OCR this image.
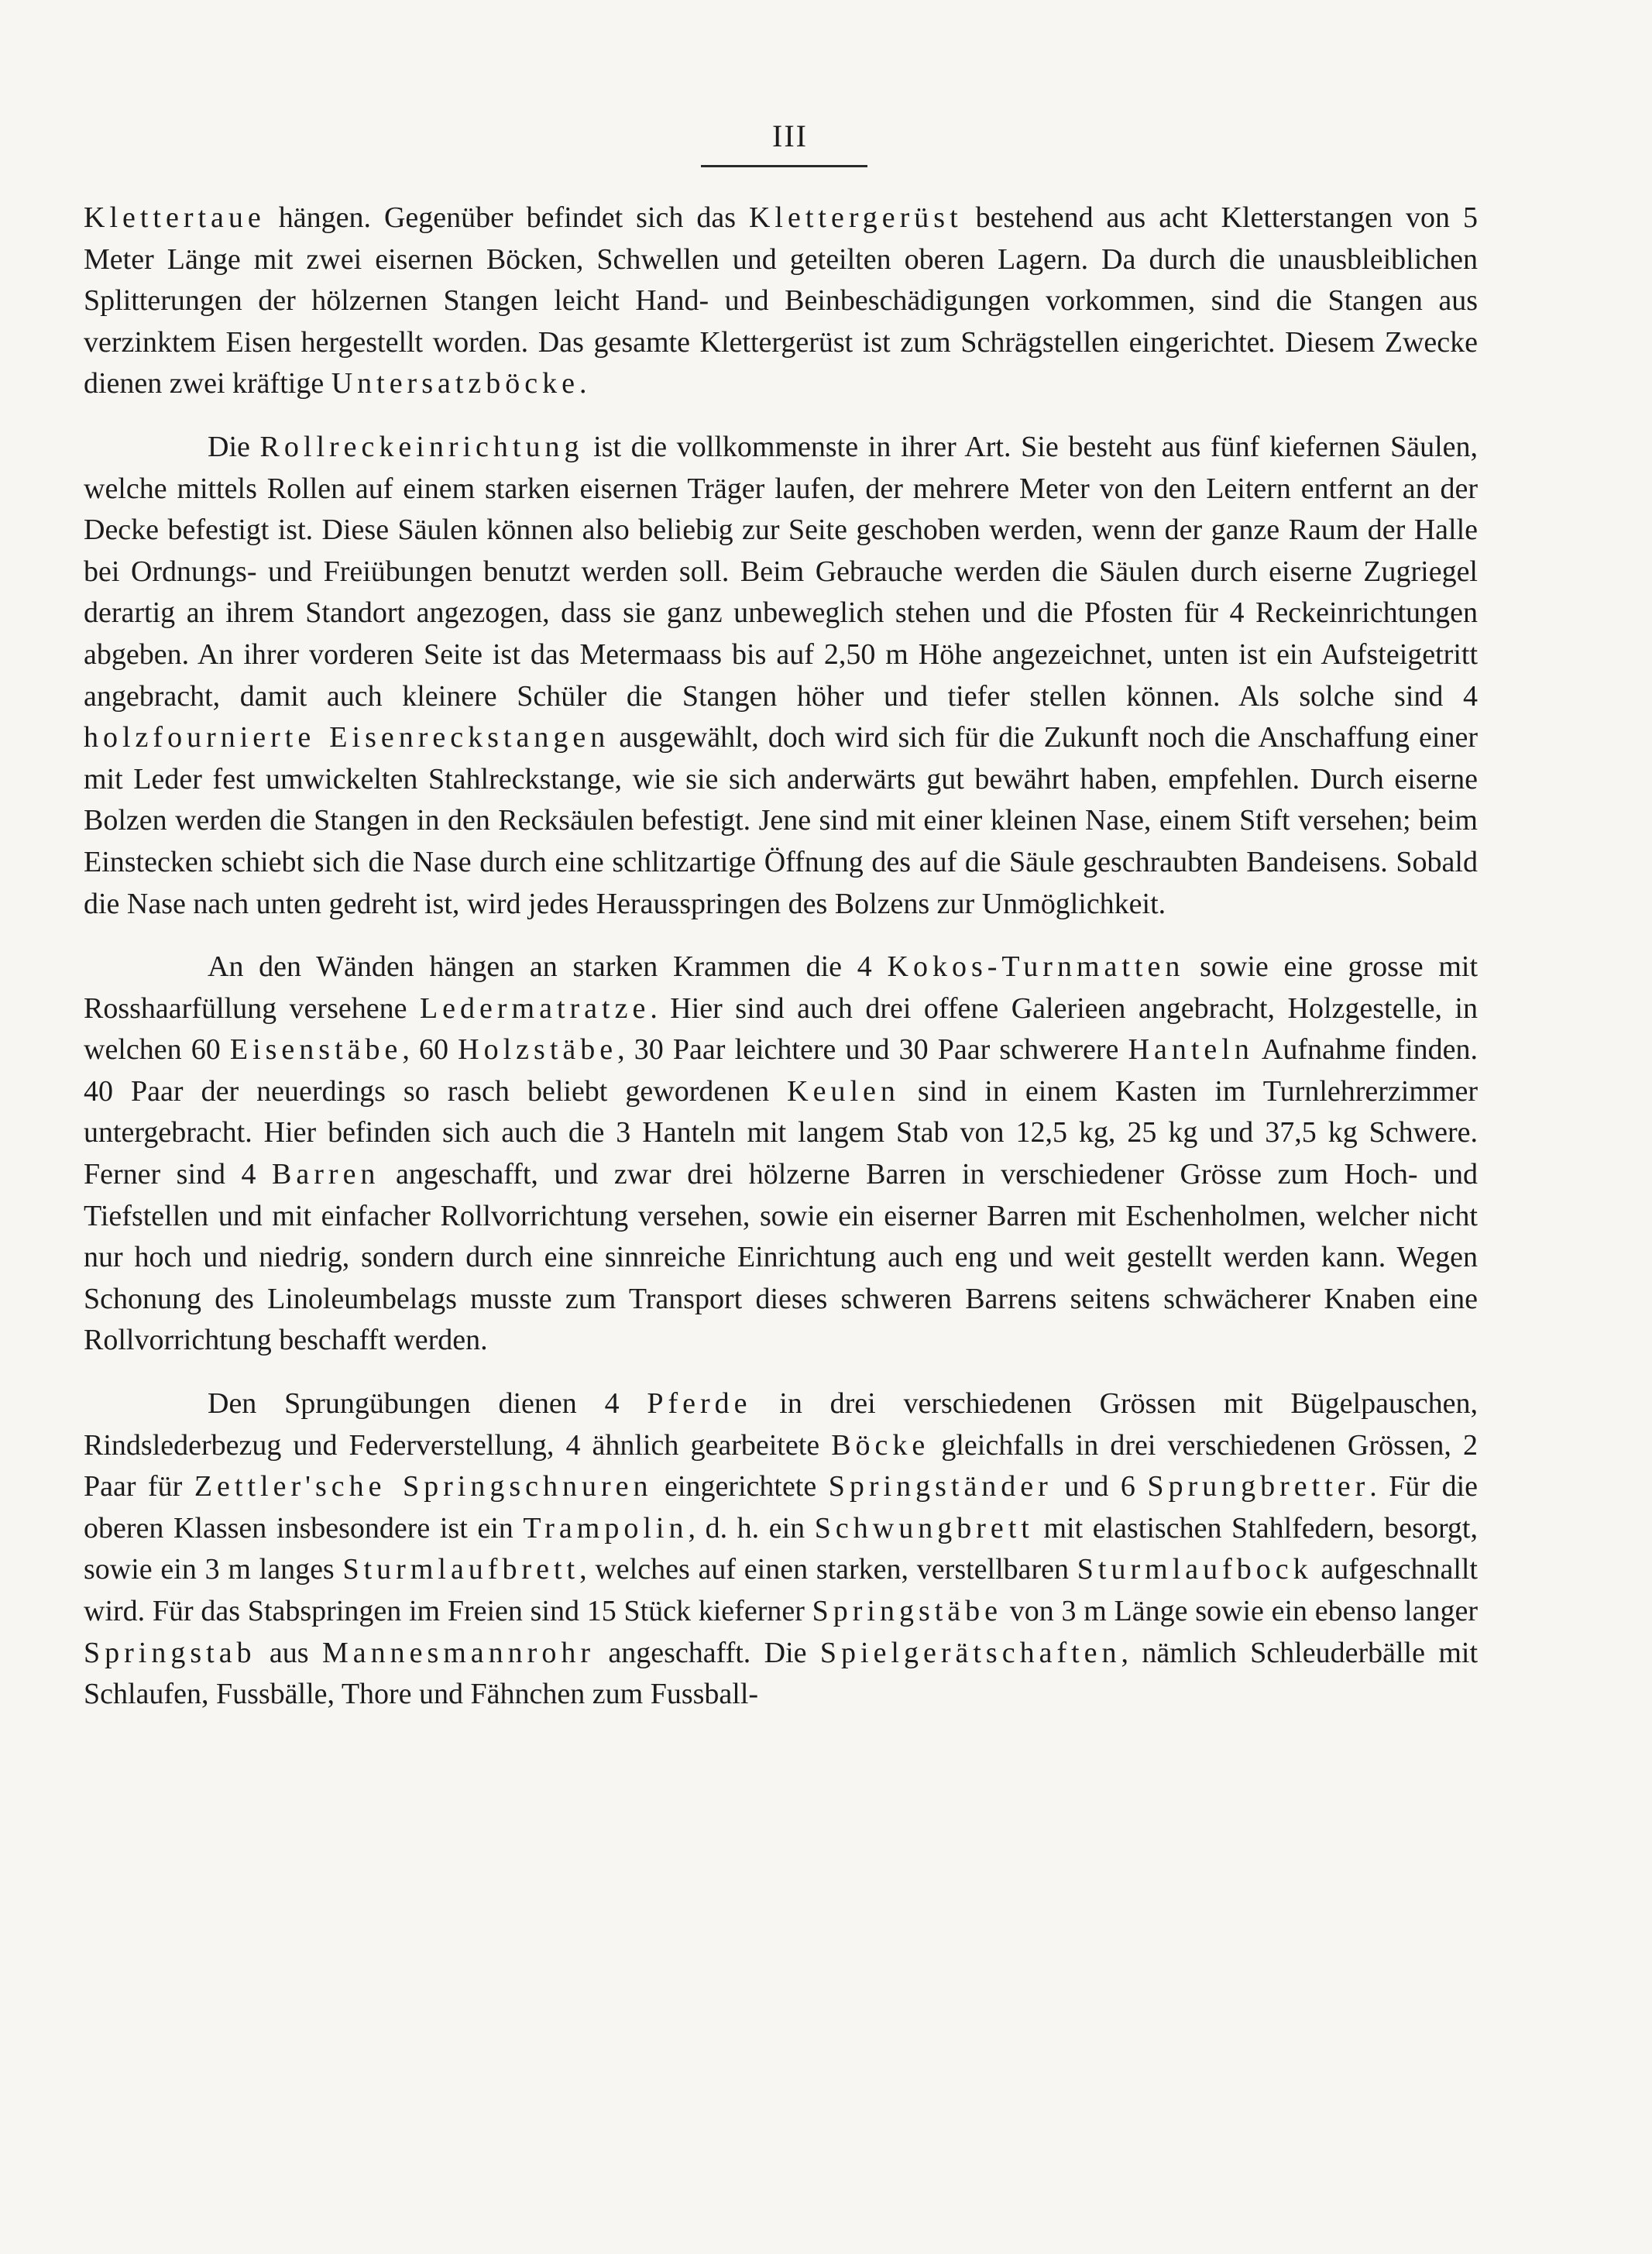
III

Klettertaue hängen. Gegenüber befindet sich das Klettergerüst bestehend aus acht Kletterstangen von 5 Meter Länge mit zwei eisernen Böcken, Schwellen und geteilten oberen Lagern. Da durch die unausbleiblichen Splitterungen der hölzernen Stangen leicht Hand- und Beinbeschädigungen vorkommen, sind die Stangen aus verzinktem Eisen hergestellt worden. Das gesamte Klettergerüst ist zum Schrägstellen eingerichtet. Diesem Zwecke dienen zwei kräftige Untersatzböcke.

Die Rollreckeinrichtung ist die vollkommenste in ihrer Art. Sie besteht aus fünf kiefernen Säulen, welche mittels Rollen auf einem starken eisernen Träger laufen, der mehrere Meter von den Leitern entfernt an der Decke befestigt ist. Diese Säulen können also beliebig zur Seite geschoben werden, wenn der ganze Raum der Halle bei Ordnungs- und Freiübungen benutzt werden soll. Beim Gebrauche werden die Säulen durch eiserne Zugriegel derartig an ihrem Standort angezogen, dass sie ganz unbeweglich stehen und die Pfosten für 4 Reckeinrichtungen abgeben. An ihrer vorderen Seite ist das Metermaass bis auf 2,50 m Höhe angezeichnet, unten ist ein Aufsteigetritt angebracht, damit auch kleinere Schüler die Stangen höher und tiefer stellen können. Als solche sind 4 holzfournierte Eisenreckstangen ausgewählt, doch wird sich für die Zukunft noch die Anschaffung einer mit Leder fest umwickelten Stahlreckstange, wie sie sich anderwärts gut bewährt haben, empfehlen. Durch eiserne Bolzen werden die Stangen in den Recksäulen befestigt. Jene sind mit einer kleinen Nase, einem Stift versehen; beim Einstecken schiebt sich die Nase durch eine schlitzartige Öffnung des auf die Säule geschraubten Bandeisens. Sobald die Nase nach unten gedreht ist, wird jedes Herausspringen des Bolzens zur Unmöglichkeit.

An den Wänden hängen an starken Krammen die 4 Kokos-Turnmatten sowie eine grosse mit Rosshaarfüllung versehene Ledermatratze. Hier sind auch drei offene Galerieen angebracht, Holzgestelle, in welchen 60 Eisenstäbe, 60 Holzstäbe, 30 Paar leichtere und 30 Paar schwerere Hanteln Aufnahme finden. 40 Paar der neuerdings so rasch beliebt gewordenen Keulen sind in einem Kasten im Turnlehrerzimmer untergebracht. Hier befinden sich auch die 3 Hanteln mit langem Stab von 12,5 kg, 25 kg und 37,5 kg Schwere. Ferner sind 4 Barren angeschafft, und zwar drei hölzerne Barren in verschiedener Grösse zum Hoch- und Tiefstellen und mit einfacher Rollvorrichtung versehen, sowie ein eiserner Barren mit Eschenholmen, welcher nicht nur hoch und niedrig, sondern durch eine sinnreiche Einrichtung auch eng und weit gestellt werden kann. Wegen Schonung des Linoleumbelags musste zum Transport dieses schweren Barrens seitens schwächerer Knaben eine Rollvorrichtung beschafft werden.

Den Sprungübungen dienen 4 Pferde in drei verschiedenen Grössen mit Bügelpauschen, Rindslederbezug und Federverstellung, 4 ähnlich gearbeitete Böcke gleichfalls in drei verschiedenen Grössen, 2 Paar für Zettler'sche Springschnuren eingerichtete Springständer und 6 Sprungbretter. Für die oberen Klassen insbesondere ist ein Trampolin, d. h. ein Schwungbrett mit elastischen Stahlfedern, besorgt, sowie ein 3 m langes Sturmlaufbrett, welches auf einen starken, verstellbaren Sturmlaufbock aufgeschnallt wird. Für das Stabspringen im Freien sind 15 Stück kieferner Springstäbe von 3 m Länge sowie ein ebenso langer Springstab aus Mannesmannrohr angeschafft. Die Spielgerätschaften, nämlich Schleuderbälle mit Schlaufen, Fussbälle, Thore und Fähnchen zum Fussball-
